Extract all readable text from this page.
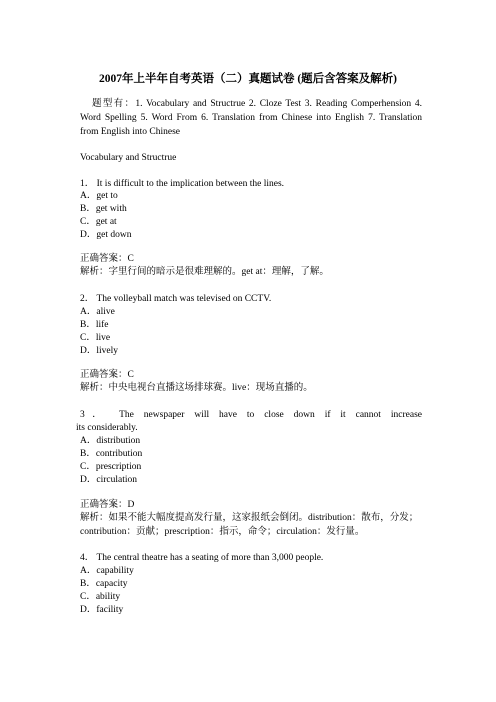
2007年上半年自考英语（二）真题试卷 (题后含答案及解析)
题型有：1. Vocabulary and Structrue 2. Cloze Test 3. Reading Comperhension 4. Word Spelling 5. Word From 6. Translation from Chinese into English 7. Translation from English into Chinese
Vocabulary and Structrue
1． It is difficult to the implication between the lines.
A．get to
B．get with
C．get at
D．get down
正确答案：C
解析：字里行间的暗示是很难理解的。get at：理解，了解。
2． The volleyball match was televised on CCTV.
A．alive
B．life
C．live
D．lively
正确答案：C
解析：中央电视台直播这场排球赛。live：现场直播的。
3． The newspaper will have to close down if it cannot increase
its considerably.
A．distribution
B．contribution
C．prescription
D．circulation
正确答案：D
解析：如果不能大幅度提高发行量，这家报纸会倒闭。distribution：散布，分发；contribution：贡献；prescription：指示，命令；circulation：发行量。
4． The central theatre has a seating of more than 3,000 people.
A．capability
B．capacity
C．ability
D．facility
